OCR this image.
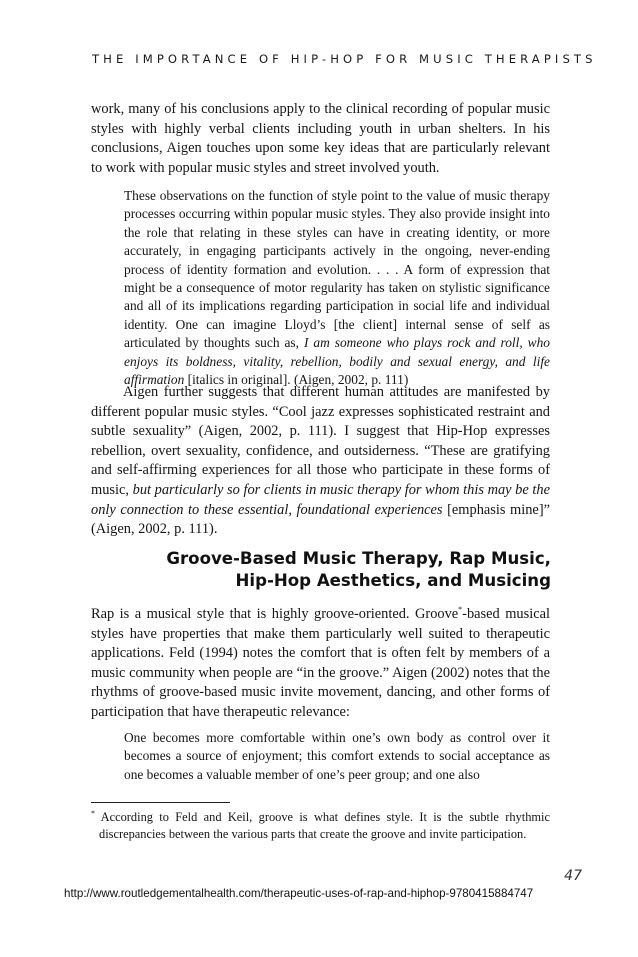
THE IMPORTANCE OF HIP-HOP FOR MUSIC THERAPISTS

work, many of his conclusions apply to the clinical recording of popular music styles with highly verbal clients including youth in urban shelters. In his conclusions, Aigen touches upon some key ideas that are particularly relevant to work with popular music styles and street involved youth.

These observations on the function of style point to the value of music therapy processes occurring within popular music styles. They also provide insight into the role that relating in these styles can have in creating identity, or more accurately, in engaging participants actively in the ongoing, never-ending process of identity formation and evolution. . . . A form of expression that might be a consequence of motor regularity has taken on stylistic significance and all of its implications regarding participation in social life and individual identity. One can imagine Lloyd’s [the client] internal sense of self as articulated by thoughts such as, I am someone who plays rock and roll, who enjoys its boldness, vitality, rebellion, bodily and sexual energy, and life affirmation [italics in original]. (Aigen, 2002, p. 111)

Aigen further suggests that different human attitudes are manifested by different popular music styles. “Cool jazz expresses sophisticated restraint and subtle sexuality” (Aigen, 2002, p. 111). I suggest that Hip-Hop expresses rebellion, overt sexuality, confidence, and outsiderness. “These are gratifying and self-affirming experiences for all those who participate in these forms of music, but particularly so for clients in music therapy for whom this may be the only connection to these essential, foundational experiences [emphasis mine]” (Aigen, 2002, p. 111).

Groove-Based Music Therapy, Rap Music,
Hip-Hop Aesthetics, and Musicing

Rap is a musical style that is highly groove-oriented. Groove*-based musical styles have properties that make them particularly well suited to therapeutic applications. Feld (1994) notes the comfort that is often felt by members of a music community when people are “in the groove.” Aigen (2002) notes that the rhythms of groove-based music invite movement, dancing, and other forms of participation that have therapeutic relevance:

One becomes more comfortable within one’s own body as control over it becomes a source of enjoyment; this comfort extends to social acceptance as one becomes a valuable member of one’s peer group; and one also

* According to Feld and Keil, groove is what defines style. It is the subtle rhythmic discrepancies between the various parts that create the groove and invite participation.

47
http://www.routledgementalhealth.com/therapeutic-uses-of-rap-and-hiphop-9780415884747
